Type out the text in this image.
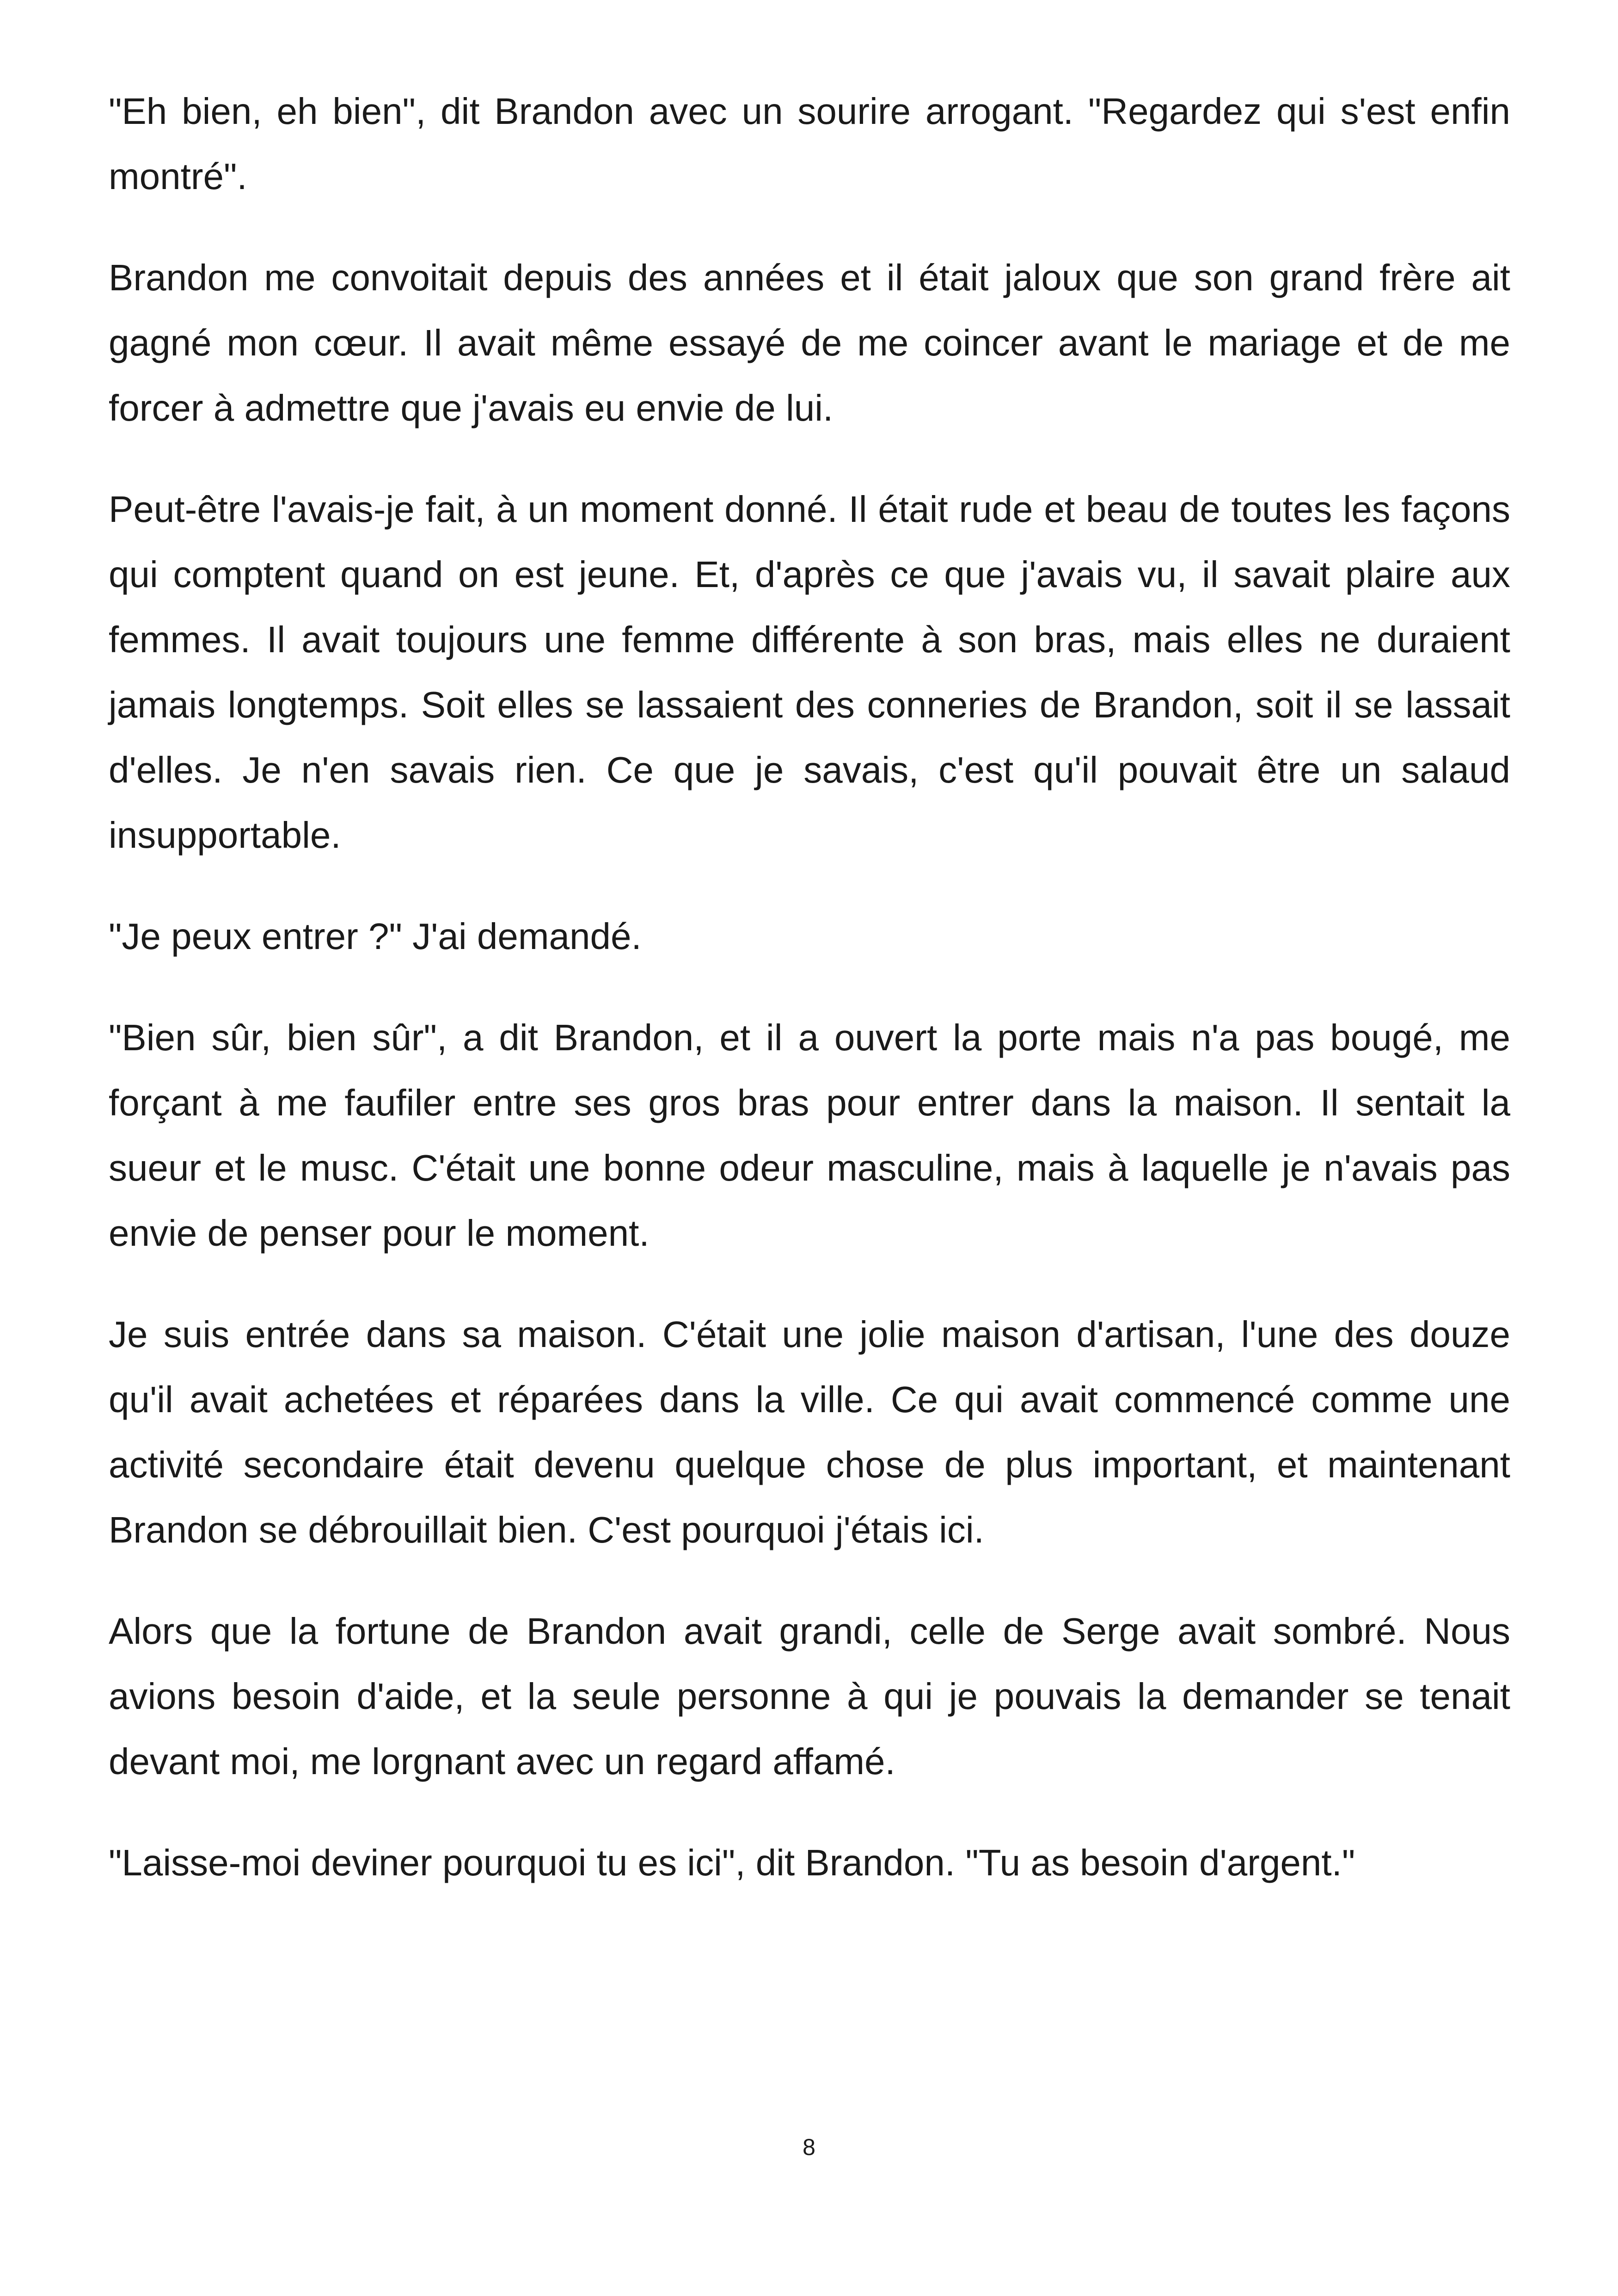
"Eh bien, eh bien", dit Brandon avec un sourire arrogant. "Regardez qui s'est enfin montré".

Brandon me convoitait depuis des années et il était jaloux que son grand frère ait gagné mon cœur. Il avait même essayé de me coincer avant le mariage et de me forcer à admettre que j'avais eu envie de lui.

Peut-être l'avais-je fait, à un moment donné. Il était rude et beau de toutes les façons qui comptent quand on est jeune. Et, d'après ce que j'avais vu, il savait plaire aux femmes. Il avait toujours une femme différente à son bras, mais elles ne duraient jamais longtemps. Soit elles se lassaient des conneries de Brandon, soit il se lassait d'elles. Je n'en savais rien. Ce que je savais, c'est qu'il pouvait être un salaud insupportable.

"Je peux entrer ?" J'ai demandé.

"Bien sûr, bien sûr", a dit Brandon, et il a ouvert la porte mais n'a pas bougé, me forçant à me faufiler entre ses gros bras pour entrer dans la maison. Il sentait la sueur et le musc. C'était une bonne odeur masculine, mais à laquelle je n'avais pas envie de penser pour le moment.

Je suis entrée dans sa maison. C'était une jolie maison d'artisan, l'une des douze qu'il avait achetées et réparées dans la ville. Ce qui avait commencé comme une activité secondaire était devenu quelque chose de plus important, et maintenant Brandon se débrouillait bien. C'est pourquoi j'étais ici.

Alors que la fortune de Brandon avait grandi, celle de Serge avait sombré. Nous avions besoin d'aide, et la seule personne à qui je pouvais la demander se tenait devant moi, me lorgnant avec un regard affamé.

"Laisse-moi deviner pourquoi tu es ici", dit Brandon. "Tu as besoin d'argent."

8
